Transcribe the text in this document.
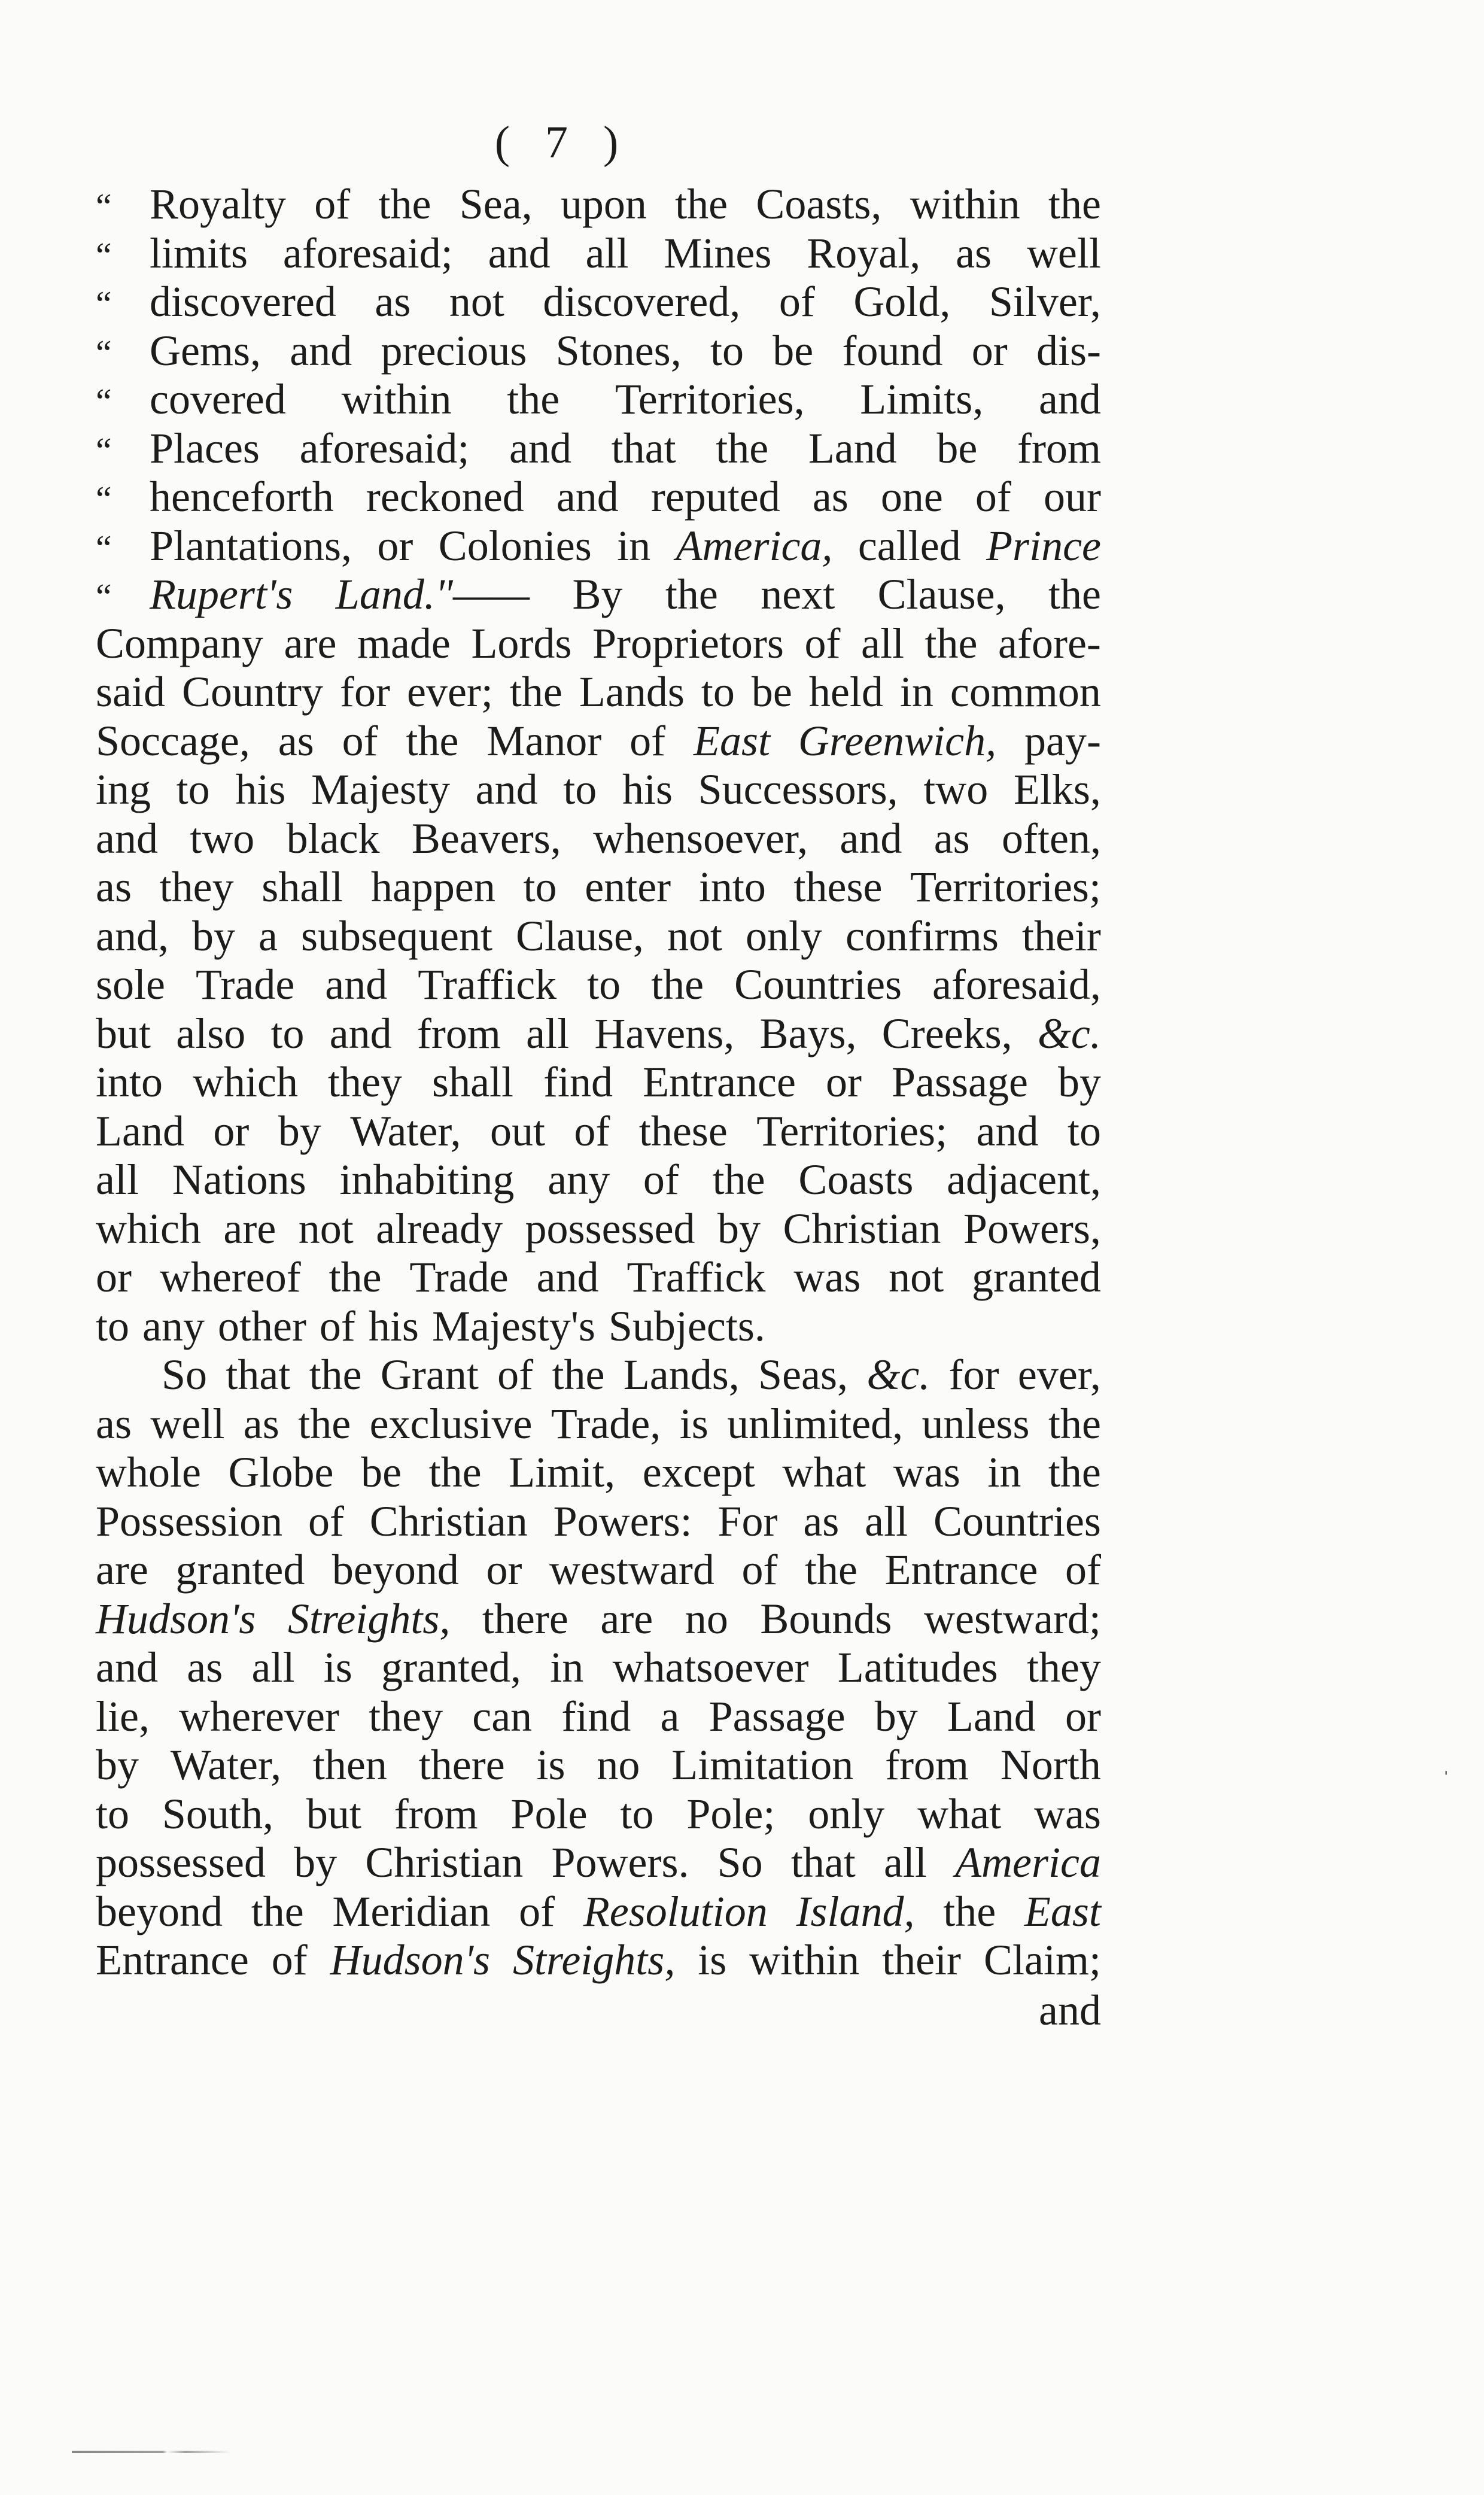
( 7 )
“ Royalty of the Sea, upon the Coasts, within the
“ limits aforesaid; and all Mines Royal, as well
“ discovered as not discovered, of Gold, Silver,
“ Gems, and precious Stones, to be found or dis-
“ covered within the Territories, Limits, and
“ Places aforesaid; and that the Land be from
“ henceforth reckoned and reputed as one of our
“ Plantations, or Colonies in America, called Prince
“ Rupert's Land."—— By the next Clause, the
Company are made Lords Proprietors of all the afore-
said Country for ever; the Lands to be held in common
Soccage, as of the Manor of East Greenwich, pay-
ing to his Majesty and to his Successors, two Elks,
and two black Beavers, whensoever, and as often,
as they shall happen to enter into these Territories;
and, by a subsequent Clause, not only confirms their
sole Trade and Traffick to the Countries aforesaid,
but also to and from all Havens, Bays, Creeks, &c.
into which they shall find Entrance or Passage by
Land or by Water, out of these Territories; and to
all Nations inhabiting any of the Coasts adjacent,
which are not already possessed by Christian Powers,
or whereof the Trade and Traffick was not granted
to any other of his Majesty's Subjects.
So that the Grant of the Lands, Seas, &c. for ever,
as well as the exclusive Trade, is unlimited, unless the
whole Globe be the Limit, except what was in the
Possession of Christian Powers: For as all Countries
are granted beyond or westward of the Entrance of
Hudson's Streights, there are no Bounds westward;
and as all is granted, in whatsoever Latitudes they
lie, wherever they can find a Passage by Land or
by Water, then there is no Limitation from North
to South, but from Pole to Pole; only what was
possessed by Christian Powers. So that all America
beyond the Meridian of Resolution Island, the East
Entrance of Hudson's Streights, is within their Claim;
and
ˌ
